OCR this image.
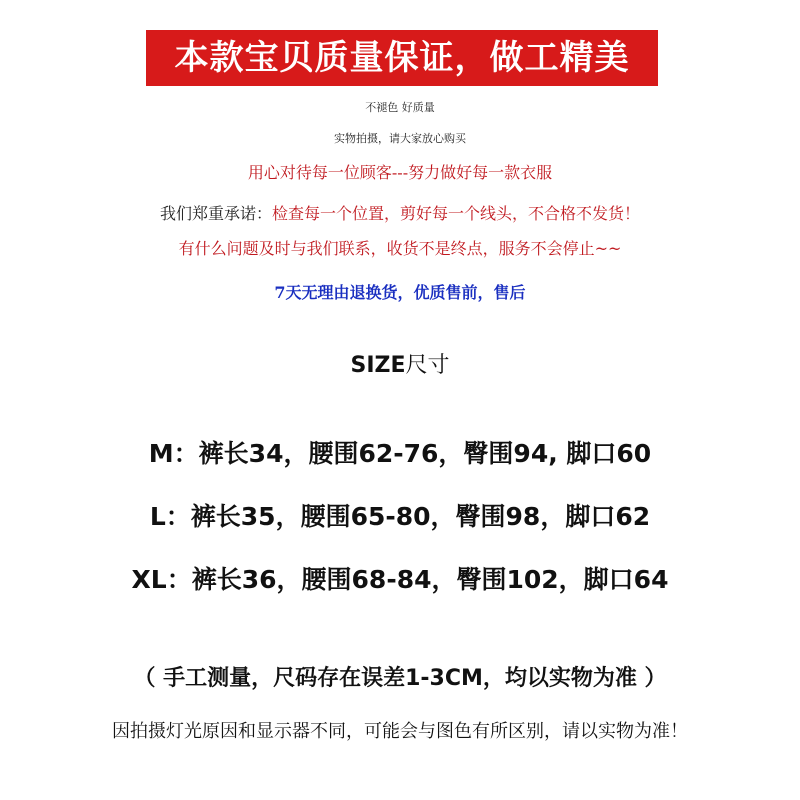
本款宝贝质量保证，做工精美
不褪色 好质量
实物拍摄，请大家放心购买
用心对待每一位顾客---努力做好每一款衣服
我们郑重承诺：检查每一个位置，剪好每一个线头，不合格不发货！
有什么问题及时与我们联系，收货不是终点，服务不会停止~~
7天无理由退换货，优质售前，售后
SIZE尺寸
M：裤长34，腰围62-76，臀围94, 脚口60
L：裤长35，腰围65-80，臀围98，脚口62
XL：裤长36，腰围68-84，臀围102，脚口64
（ 手工测量，尺码存在误差1-3CM，均以实物为准 ）
因拍摄灯光原因和显示器不同，可能会与图色有所区别，请以实物为准！
